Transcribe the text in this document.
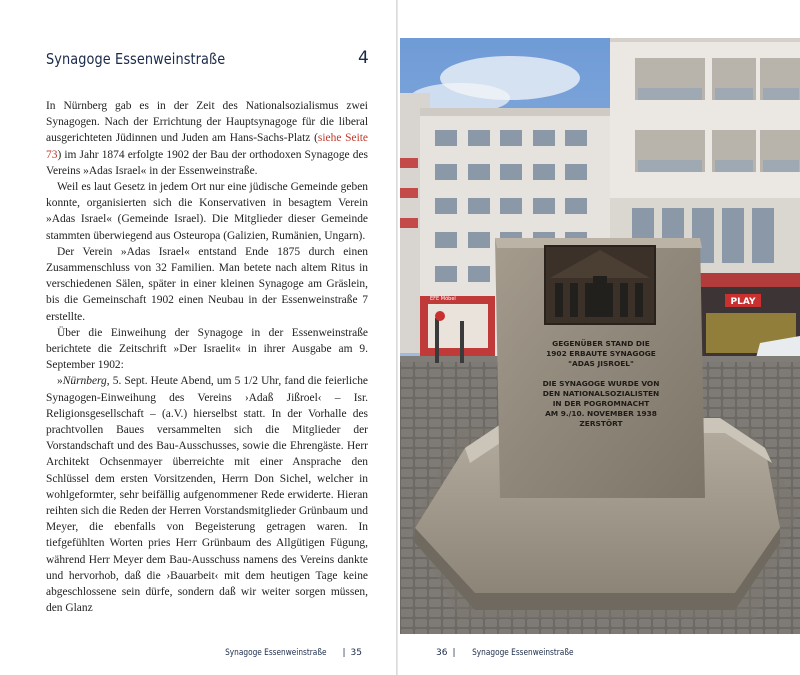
Synagoge Essenweinstraße	4

In Nürnberg gab es in der Zeit des Nationalsozialismus zwei Synagogen. Nach der Errichtung der Hauptsynagoge für die liberal ausgerichteten Jüdinnen und Juden am Hans-Sachs-Platz (siehe Seite 73) im Jahr 1874 erfolgte 1902 der Bau der orthodoxen Synagoge des Vereins »Adas Israel« in der Essenweinstraße.

Weil es laut Gesetz in jedem Ort nur eine jüdische Gemeinde geben konnte, organisierten sich die Konservativen in besagtem Verein »Adas Israel« (Gemeinde Israel). Die Mitglieder dieser Gemeinde stammten überwiegend aus Osteuropa (Galizien, Rumänien, Ungarn).

Der Verein »Adas Israel« entstand Ende 1875 durch einen Zusammenschluss von 32 Familien. Man betete nach altem Ritus in verschiedenen Sälen, später in einer kleinen Synagoge am Gräslein, bis die Gemeinschaft 1902 einen Neubau in der Essenweinstraße 7 erstellte.

Über die Einweihung der Synagoge in der Essenweinstraße berichtete die Zeitschrift »Der Israelit« in ihrer Ausgabe am 9. September 1902:

»Nürnberg, 5. Sept. Heute Abend, um 5 1/2 Uhr, fand die feierliche Synagogen-Einweihung des Vereins ›Adaß Jißroel‹ – Isr. Religionsgesellschaft – (a.V.) hierselbst statt. In der Vorhalle des prachtvollen Baues versammelten sich die Mitglieder der Vorstandschaft und des Bau-Ausschusses, sowie die Ehrengäste. Herr Architekt Ochsenmayer überreichte mit einer Ansprache den Schlüssel dem ersten Vorsitzenden, Herrn Don Sichel, welcher in wohlgeformter, sehr beifällig aufgenommener Rede erwiderte. Hieran reihten sich die Reden der Herren Vorstandsmitglieder Grünbaum und Meyer, die ebenfalls von Begeisterung getragen waren. In tiefgefühlten Worten pries Herr Grünbaum des Allgütigen Fügung, während Herr Meyer dem Bau-Ausschuss namens des Vereins dankte und hervorhob, daß die ›Bauarbeit‹ mit dem heutigen Tage keine abgeschlossene sein dürfe, sondern daß wir weiter sorgen müssen, den Glanz

Synagoge Essenweinstraße | 35
EFE Möbel	PLAY
GEGENÜBER STAND DIE
1902 ERBAUTE SYNAGOGE
"ADAS JISROEL"
DIE SYNAGOGE WURDE VON
DEN NATIONALSOZIALISTEN
IN DER POGROMNACHT
AM 9./10. NOVEMBER 1938
ZERSTÖRT
36 | Synagoge Essenweinstraße
